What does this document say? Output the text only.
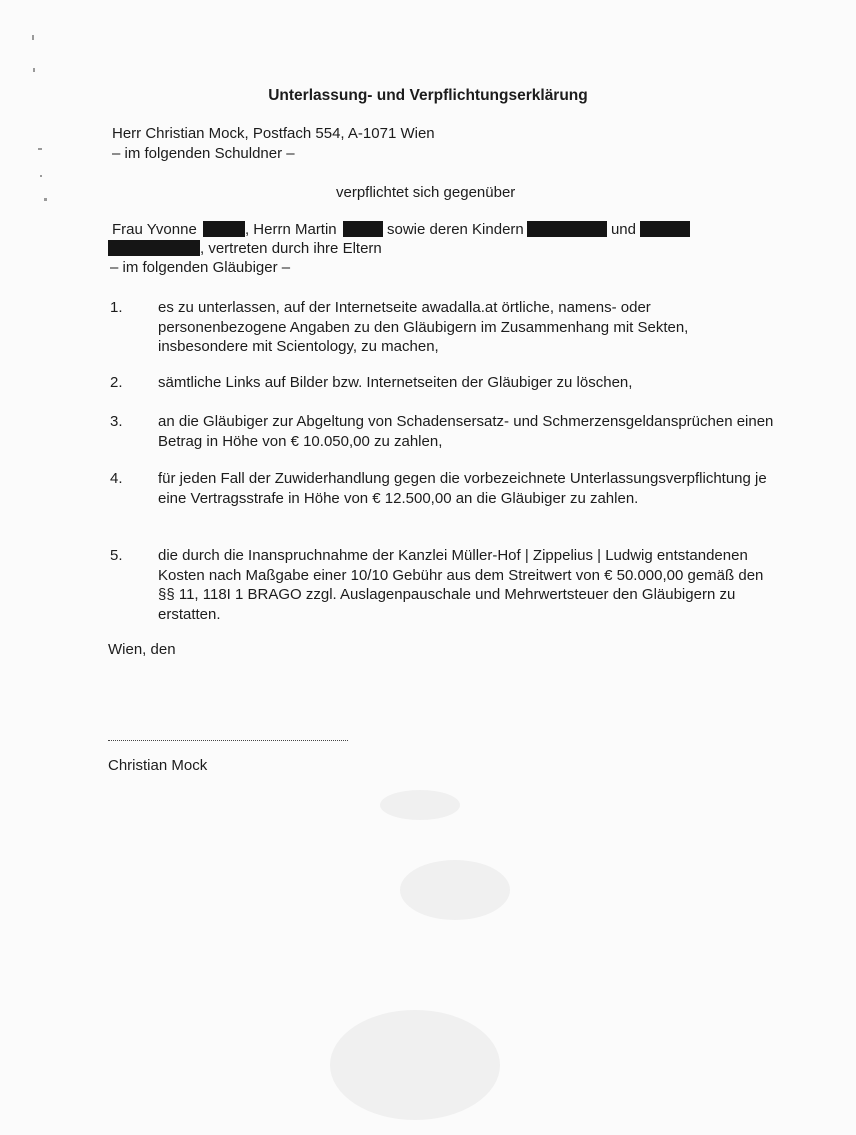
Unterlassung- und Verpflichtungserklärung
Herr Christian Mock, Postfach 554, A-1071 Wien
– im folgenden Schuldner –
verpflichtet sich gegenüber
Frau Yvonne	, Herrn Martin	sowie deren Kindern	und
, vertreten durch ihre Eltern
– im folgenden Gläubiger –
1. es zu unterlassen, auf der Internetseite awadalla.at örtliche, namens- oder personenbezogene Angaben zu den Gläubigern im Zusammenhang mit Sekten, insbesondere mit Scientology, zu machen,
2. sämtliche Links auf Bilder bzw. Internetseiten der Gläubiger zu löschen,
3. an die Gläubiger zur Abgeltung von Schadensersatz- und Schmerzensgeldansprüchen einen Betrag in Höhe von € 10.050,00 zu zahlen,
4. für jeden Fall der Zuwiderhandlung gegen die vorbezeichnete Unterlassungsverpflichtung je eine Vertragsstrafe in Höhe von € 12.500,00 an die Gläubiger zu zahlen.
5. die durch die Inanspruchnahme der Kanzlei Müller-Hof | Zippelius | Ludwig entstandenen Kosten nach Maßgabe einer 10/10 Gebühr aus dem Streitwert von € 50.000,00 gemäß den §§ 11, 118I 1 BRAGO zzgl. Auslagenpauschale und Mehrwertsteuer den Gläubigern zu erstatten.
Wien, den
Christian Mock
